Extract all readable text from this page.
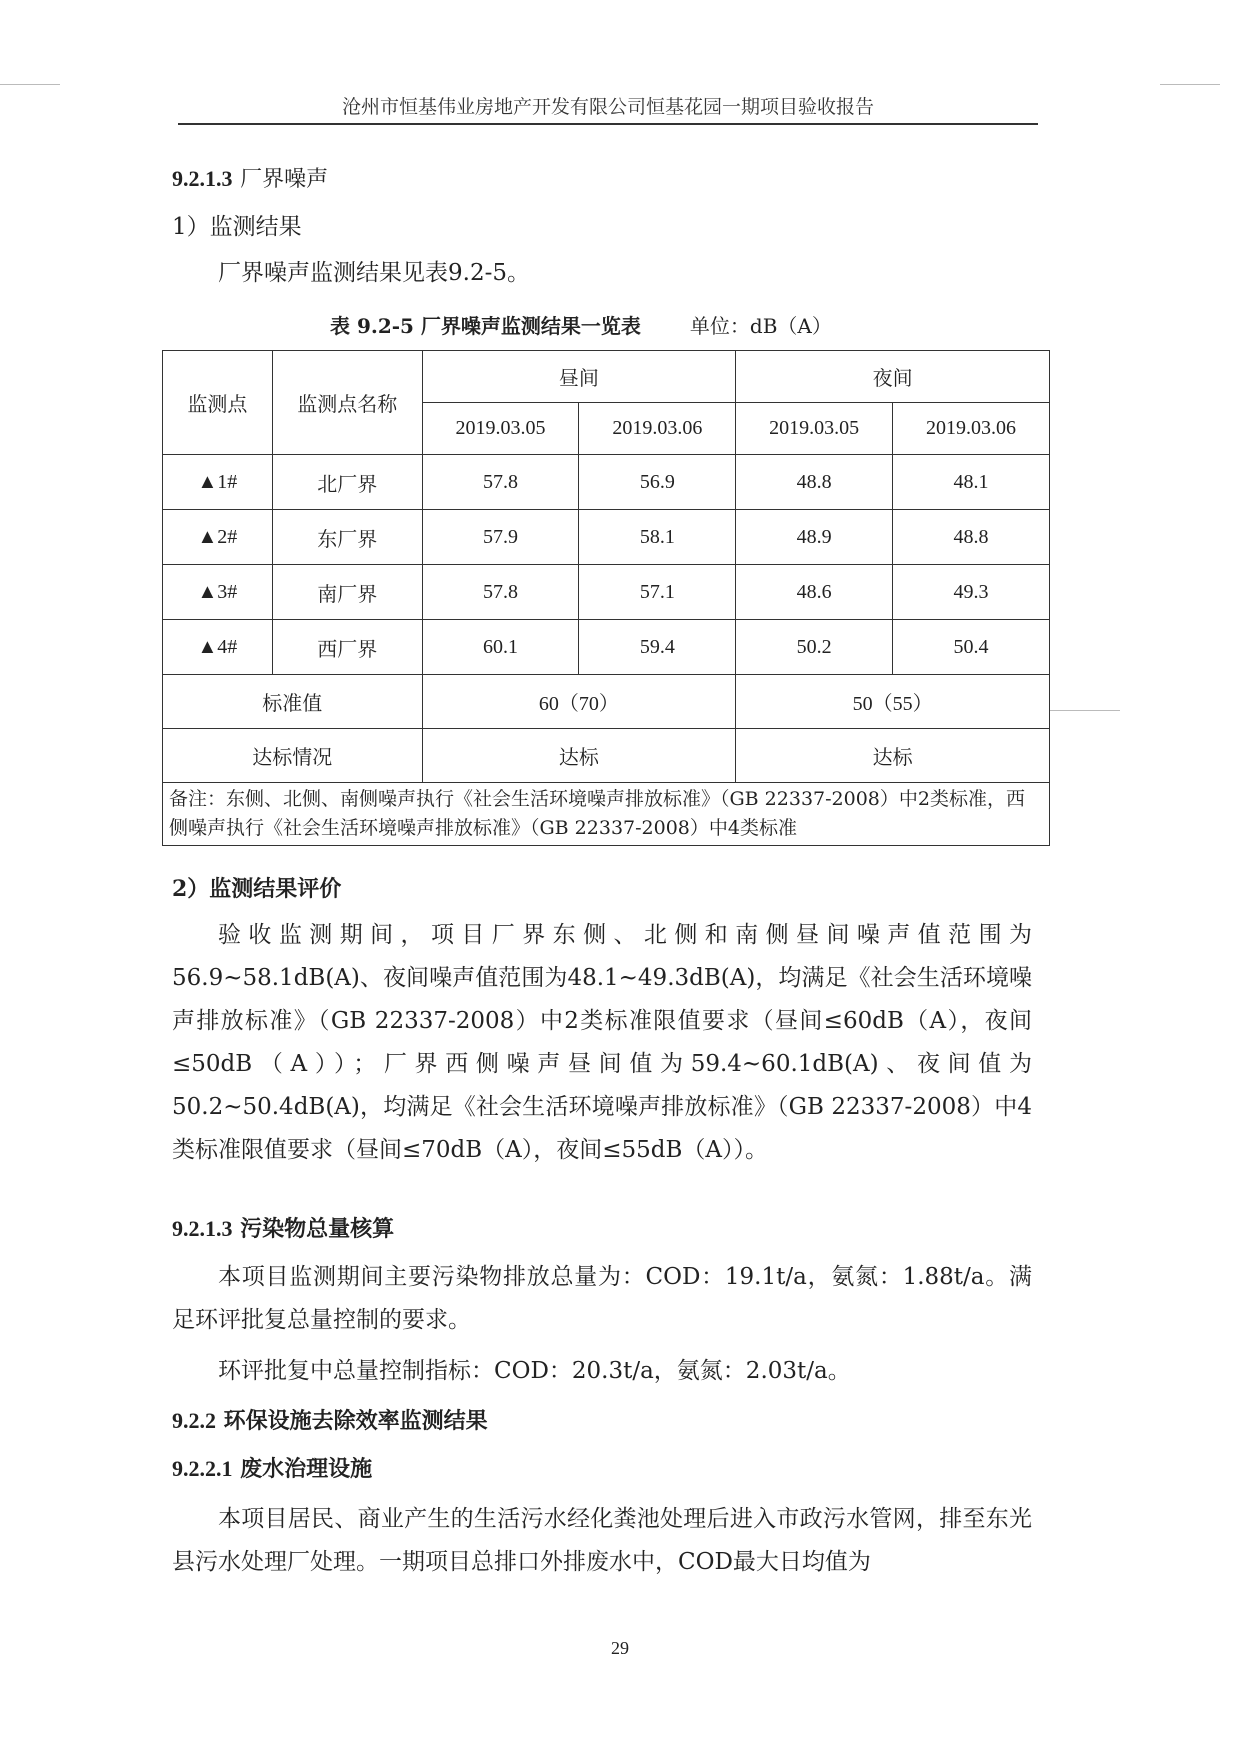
沧州市恒基伟业房地产开发有限公司恒基花园一期项目验收报告
9.2.1.3 厂界噪声
1）监测结果
厂界噪声监测结果见表9.2-5。
表 9.2-5 厂界噪声监测结果一览表 单位：dB（A）
监测点	监测点名称	昼间		夜间	
		2019.03.05	2019.03.06	2019.03.05	2019.03.06
▲1#	北厂界	57.8	56.9	48.8	48.1
▲2#	东厂界	57.9	58.1	48.9	48.8
▲3#	南厂界	57.8	57.1	48.6	49.3
▲4#	西厂界	60.1	59.4	50.2	50.4
标准值		60（70）		50（55）	
达标情况		达标		达标	
备注：东侧、北侧、南侧噪声执行《社会生活环境噪声排放标准》（GB 22337-2008）中2类标准，西侧噪声执行《社会生活环境噪声排放标准》（GB 22337-2008）中4类标准					
2）监测结果评价
验收监测期间，项目厂界东侧、北侧和南侧昼间噪声值范围为56.9~58.1dB(A)、夜间噪声值范围为48.1~49.3dB(A)，均满足《社会生活环境噪声排放标准》（GB 22337-2008）中2类标准限值要求（昼间≤60dB（A），夜间≤50dB（A））；厂界西侧噪声昼间值为59.4~60.1dB(A)、夜间值为50.2~50.4dB(A)，均满足《社会生活环境噪声排放标准》（GB 22337-2008）中4类标准限值要求（昼间≤70dB（A），夜间≤55dB（A））。
9.2.1.3 污染物总量核算
本项目监测期间主要污染物排放总量为：COD：19.1t/a，氨氮：1.88t/a。满足环评批复总量控制的要求。
环评批复中总量控制指标：COD：20.3t/a，氨氮：2.03t/a。
9.2.2 环保设施去除效率监测结果
9.2.2.1 废水治理设施
本项目居民、商业产生的生活污水经化粪池处理后进入市政污水管网，排至东光县污水处理厂处理。一期项目总排口外排废水中，COD最大日均值为
29
